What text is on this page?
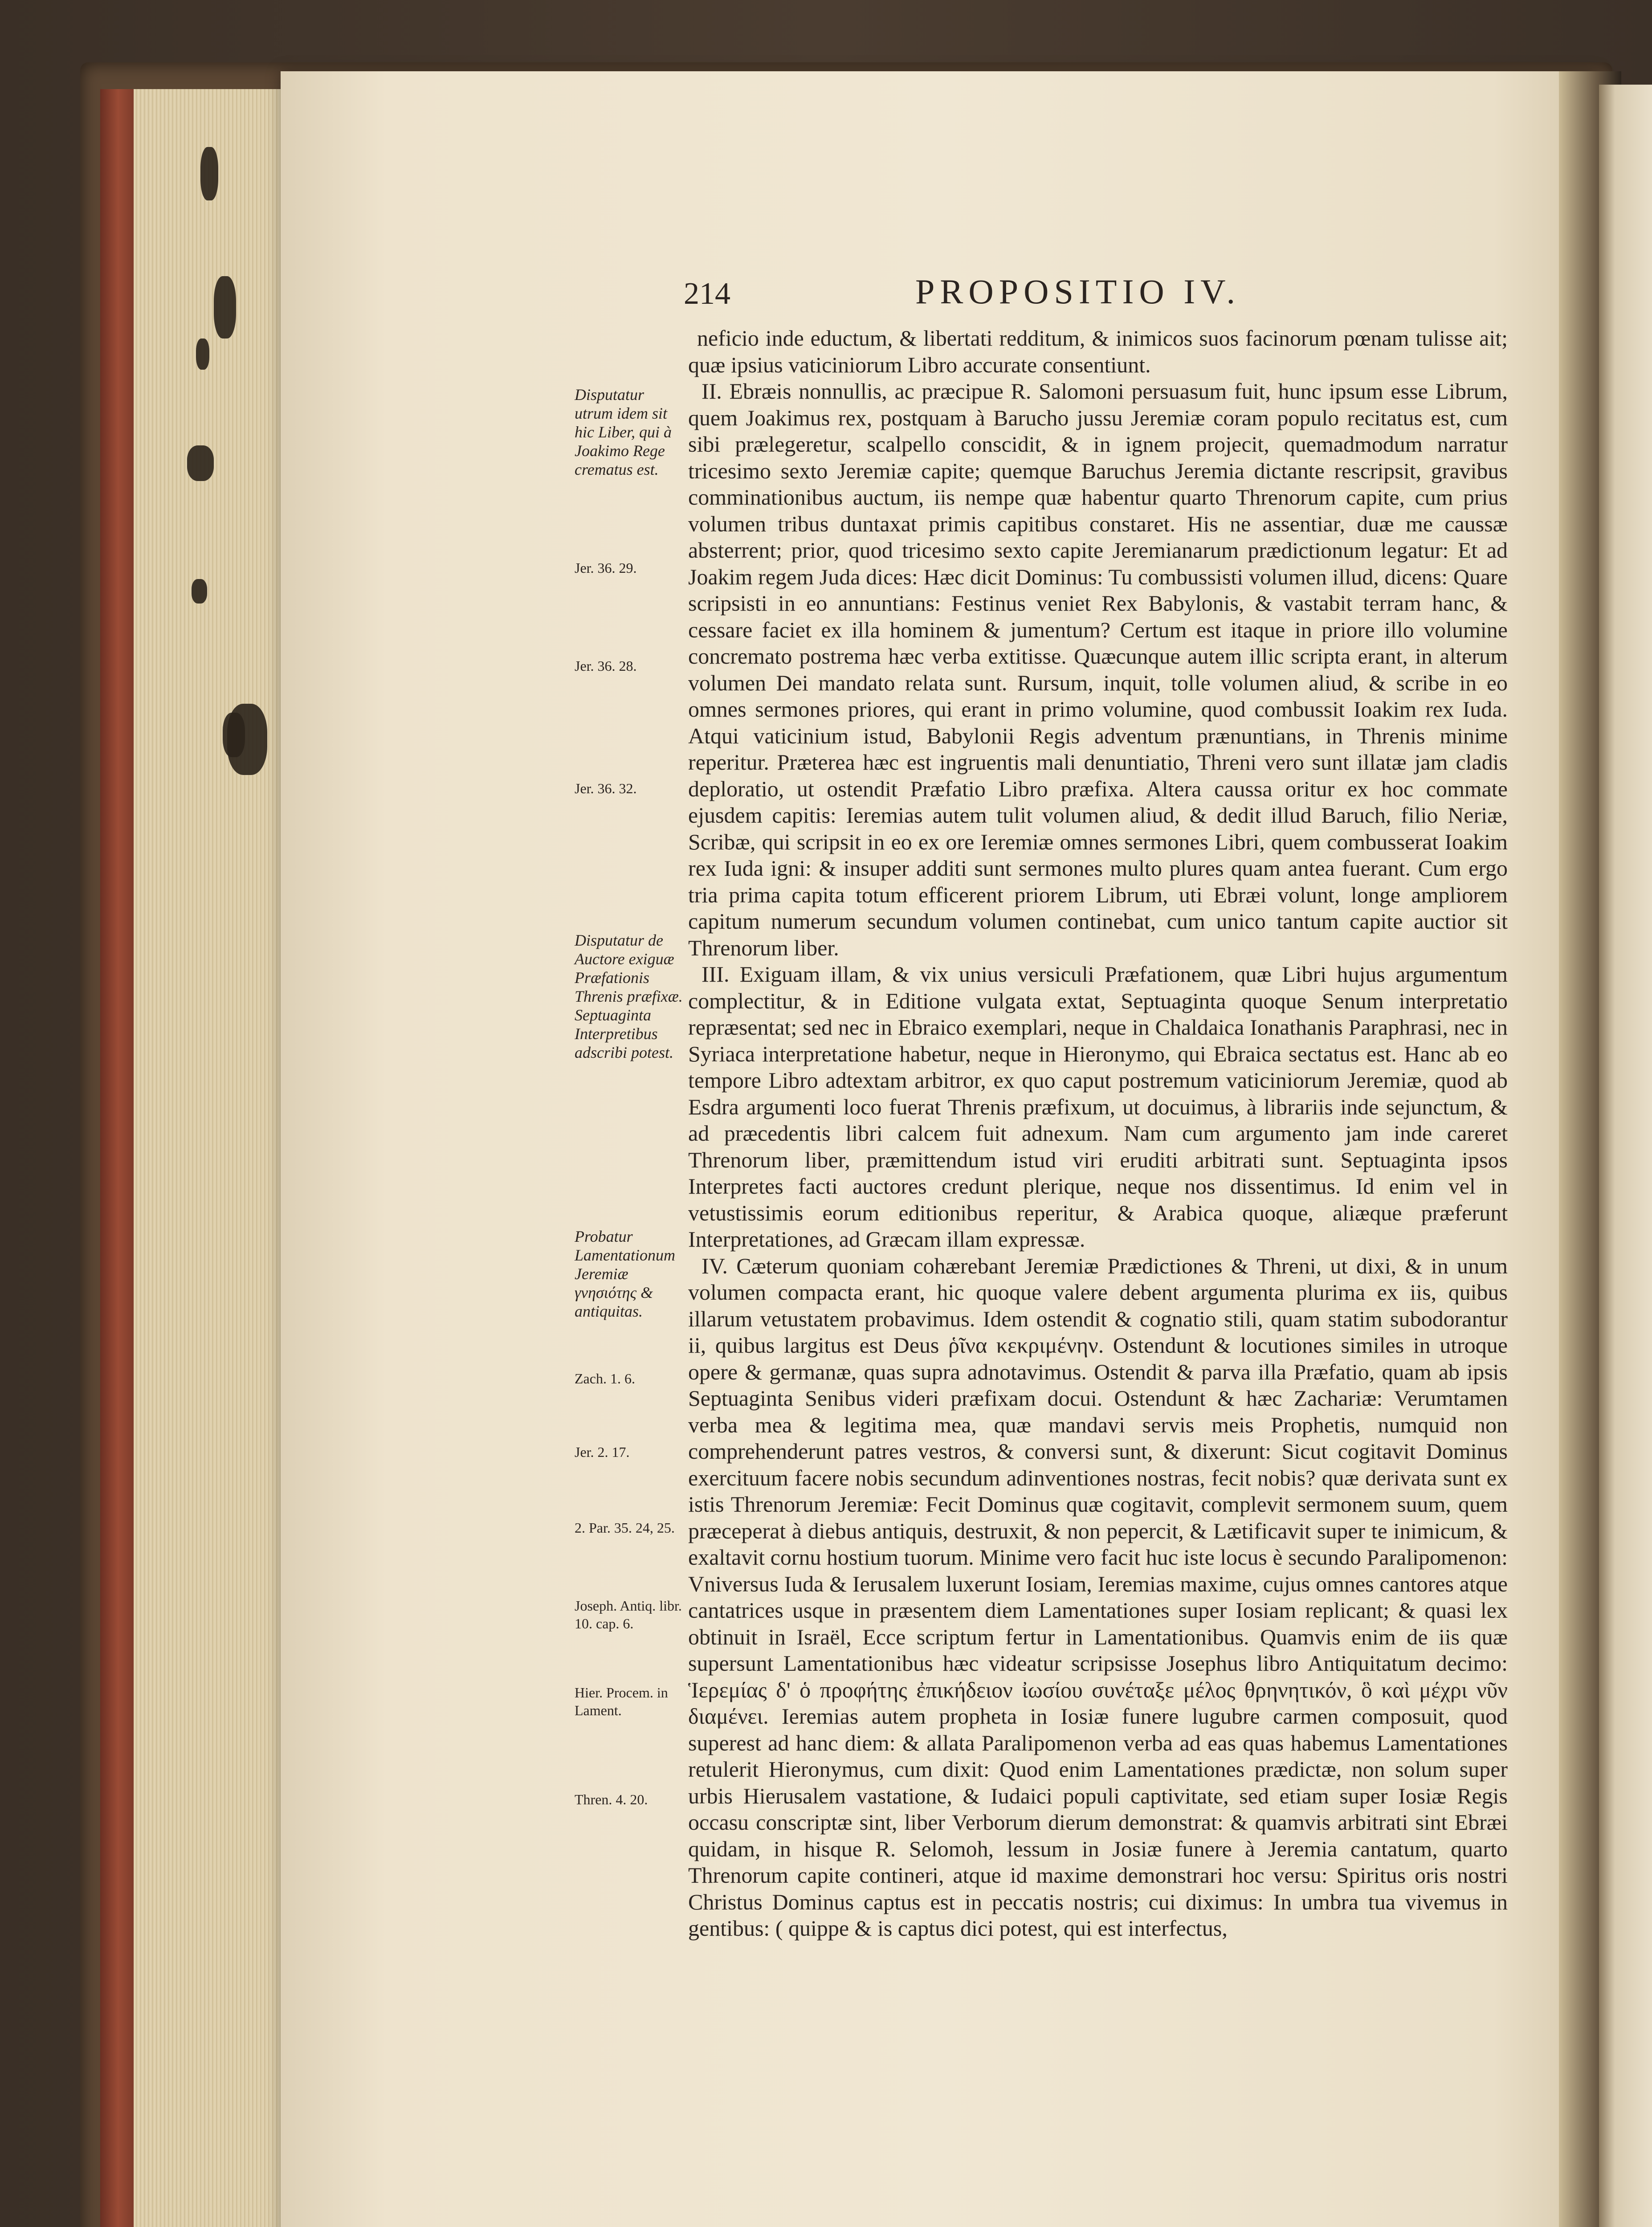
214	PROPOSITIO IV.
Disputatur utrum idem sit hic Liber, qui à Joakimo Rege crematus est.
Jer. 36. 29.
Jer. 36. 28.
Jer. 36. 32.
Disputatur de Auctore exiguæ Præfationis Threnis præfixæ. Septuaginta Interpretibus adscribi potest.
Probatur Lamentationum Jeremiæ γνησιότης & antiquitas.
Zach. 1. 6.
Jer. 2. 17.
2. Par. 35. 24, 25.
Joseph. Antiq. libr. 10. cap. 6.
Hier. Procem. in Lament.
Thren. 4. 20.

neficio inde eductum, & libertati redditum, & inimicos suos facinorum pœnam tulisse ait; quæ ipsius vaticiniorum Libro accurate consentiunt.

II. Ebræis nonnullis, ac præcipue R. Salomoni persuasum fuit, hunc ipsum esse Librum, quem Joakimus rex, postquam à Barucho jussu Jeremiæ coram populo recitatus est, cum sibi prælegeretur, scalpello conscidit, & in ignem projecit, quemadmodum narratur tricesimo sexto Jeremiæ capite; quemque Baruchus Jeremia dictante rescripsit, gravibus comminationibus auctum, iis nempe quæ habentur quarto Threnorum capite, cum prius volumen tribus duntaxat primis capitibus constaret. His ne assentiar, duæ me caussæ absterrent; prior, quod tricesimo sexto capite Jeremianarum prædictionum legatur: Et ad Joakim regem Juda dices: Hæc dicit Dominus: Tu combussisti volumen illud, dicens: Quare scripsisti in eo annuntians: Festinus veniet Rex Babylonis, & vastabit terram hanc, & cessare faciet ex illa hominem & jumentum? Certum est itaque in priore illo volumine concremato postrema hæc verba extitisse. Quæcunque autem illic scripta erant, in alterum volumen Dei mandato relata sunt. Rursum, inquit, tolle volumen aliud, & scribe in eo omnes sermones priores, qui erant in primo volumine, quod combussit Ioakim rex Iuda. Atqui vaticinium istud, Babylonii Regis adventum prænuntians, in Threnis minime reperitur. Præterea hæc est ingruentis mali denuntiatio, Threni vero sunt illatæ jam cladis deploratio, ut ostendit Præfatio Libro præfixa. Altera caussa oritur ex hoc commate ejusdem capitis: Ieremias autem tulit volumen aliud, & dedit illud Baruch, filio Neriæ, Scribæ, qui scripsit in eo ex ore Ieremiæ omnes sermones Libri, quem combusserat Ioakim rex Iuda igni: & insuper additi sunt sermones multo plures quam antea fuerant. Cum ergo tria prima capita totum efficerent priorem Librum, uti Ebræi volunt, longe ampliorem capitum numerum secundum volumen continebat, cum unico tantum capite auctior sit Threnorum liber.

III. Exiguam illam, & vix unius versiculi Præfationem, quæ Libri hujus argumentum complectitur, & in Editione vulgata extat, Septuaginta quoque Senum interpretatio repræsentat; sed nec in Ebraico exemplari, neque in Chaldaica Ionathanis Paraphrasi, nec in Syriaca interpretatione habetur, neque in Hieronymo, qui Ebraica sectatus est. Hanc ab eo tempore Libro adtextam arbitror, ex quo caput postremum vaticiniorum Jeremiæ, quod ab Esdra argumenti loco fuerat Threnis præfixum, ut docuimus, à librariis inde sejunctum, & ad præcedentis libri calcem fuit adnexum. Nam cum argumento jam inde careret Threnorum liber, præmittendum istud viri eruditi arbitrati sunt. Septuaginta ipsos Interpretes facti auctores credunt plerique, neque nos dissentimus. Id enim vel in vetustissimis eorum editionibus reperitur, & Arabica quoque, aliæque præferunt Interpretationes, ad Græcam illam expressæ.

IV. Cæterum quoniam cohærebant Jeremiæ Prædictiones & Threni, ut dixi, & in unum volumen compacta erant, hic quoque valere debent argumenta plurima ex iis, quibus illarum vetustatem probavimus. Idem ostendit & cognatio stili, quam statim subodorantur ii, quibus largitus est Deus ῥῖνα κεκριμένην. Ostendunt & locutiones similes in utroque opere & germanæ, quas supra adnotavimus. Ostendit & parva illa Præfatio, quam ab ipsis Septuaginta Senibus videri præfixam docui. Ostendunt & hæc Zachariæ: Verumtamen verba mea & legitima mea, quæ mandavi servis meis Prophetis, numquid non comprehenderunt patres vestros, & conversi sunt, & dixerunt: Sicut cogitavit Dominus exercituum facere nobis secundum adinventiones nostras, fecit nobis? quæ derivata sunt ex istis Threnorum Jeremiæ: Fecit Dominus quæ cogitavit, complevit sermonem suum, quem præceperat à diebus antiquis, destruxit, & non pepercit, & Lætificavit super te inimicum, & exaltavit cornu hostium tuorum. Minime vero facit huc iste locus è secundo Paralipomenon: Vniversus Iuda & Ierusalem luxerunt Iosiam, Ieremias maxime, cujus omnes cantores atque cantatrices usque in præsentem diem Lamentationes super Iosiam replicant; & quasi lex obtinuit in Israël, Ecce scriptum fertur in Lamentationibus. Quamvis enim de iis quæ supersunt Lamentationibus hæc videatur scripsisse Josephus libro Antiquitatum decimo: Ἱερεμίας δ' ὁ προφήτης ἐπικήδειον ἰωσίου συνέταξε μέλος θρηνητικόν, ὃ καὶ μέχρι νῦν διαμένει. Ieremias autem propheta in Iosiæ funere lugubre carmen composuit, quod superest ad hanc diem: & allata Paralipomenon verba ad eas quas habemus Lamentationes retulerit Hieronymus, cum dixit: Quod enim Lamentationes prædictæ, non solum super urbis Hierusalem vastatione, & Iudaici populi captivitate, sed etiam super Iosiæ Regis occasu conscriptæ sint, liber Verborum dierum demonstrat: & quamvis arbitrati sint Ebræi quidam, in hisque R. Selomoh, lessum in Josiæ funere à Jeremia cantatum, quarto Threnorum capite contineri, atque id maxime demonstrari hoc versu: Spiritus oris nostri Christus Dominus captus est in peccatis nostris; cui diximus: In umbra tua vivemus in gentibus: ( quippe & is captus dici potest, qui est interfectus,
